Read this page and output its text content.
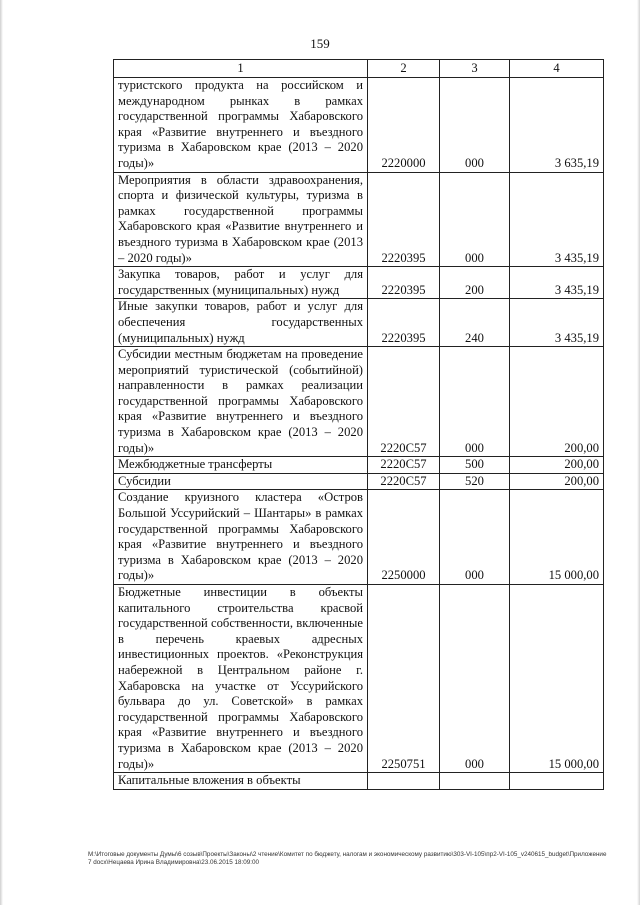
159
1	2	3	4
туристского продукта на российском и международном рынках в рамках государственной программы Хабаровского края «Развитие внутреннего и въездного туризма в Хабаровском крае (2013 – 2020 годы)»	2220000	000	3 635,19
Мероприятия в области здравоохранения, спорта и физической культуры, туризма в рамках государственной программы Хабаровского края «Развитие внутреннего и въездного туризма в Хабаровском крае (2013 – 2020 годы)»	2220395	000	3 435,19
Закупка товаров, работ и услуг для государственных (муниципальных) нужд	2220395	200	3 435,19
Иные закупки товаров, работ и услуг для обеспечения государственных (муниципальных) нужд	2220395	240	3 435,19
Субсидии местным бюджетам на проведение мероприятий туристической (событийной) направленности в рамках реализации государственной программы Хабаровского края «Развитие внутреннего и въездного туризма в Хабаровском крае (2013 – 2020 годы)»	2220С57	000	200,00
Межбюджетные трансферты	2220С57	500	200,00
Субсидии	2220С57	520	200,00
Создание круизного кластера «Остров Большой Уссурийский – Шантары» в рамках государственной программы Хабаровского края «Развитие внутреннего и въездного туризма в Хабаровском крае (2013 – 2020 годы)»	2250000	000	15 000,00
Бюджетные инвестиции в объекты капитального строительства красвой государственной собственности, включенные в перечень краевых адресных инвестиционных проектов. «Реконструкция набережной в Центральном районе г. Хабаровска на участке от Уссурийского бульвара до ул. Советской» в рамках государственной программы Хабаровского края «Развитие внутреннего и въездного туризма в Хабаровском крае (2013 – 2020 годы)»	2250751	000	15 000,00
Капитальные вложения в объекты			
M:\Итоговые документы Думы\6 созыв\Проекты\Законы\2 чтение\Комитет по бюджету, налогам и экономическому развитию\303-VI-105\пр2-VI-105_v240615_budget\Приложение7 docx\Нецаева Ирина Владимировна\23.06.2015 18:09:00
